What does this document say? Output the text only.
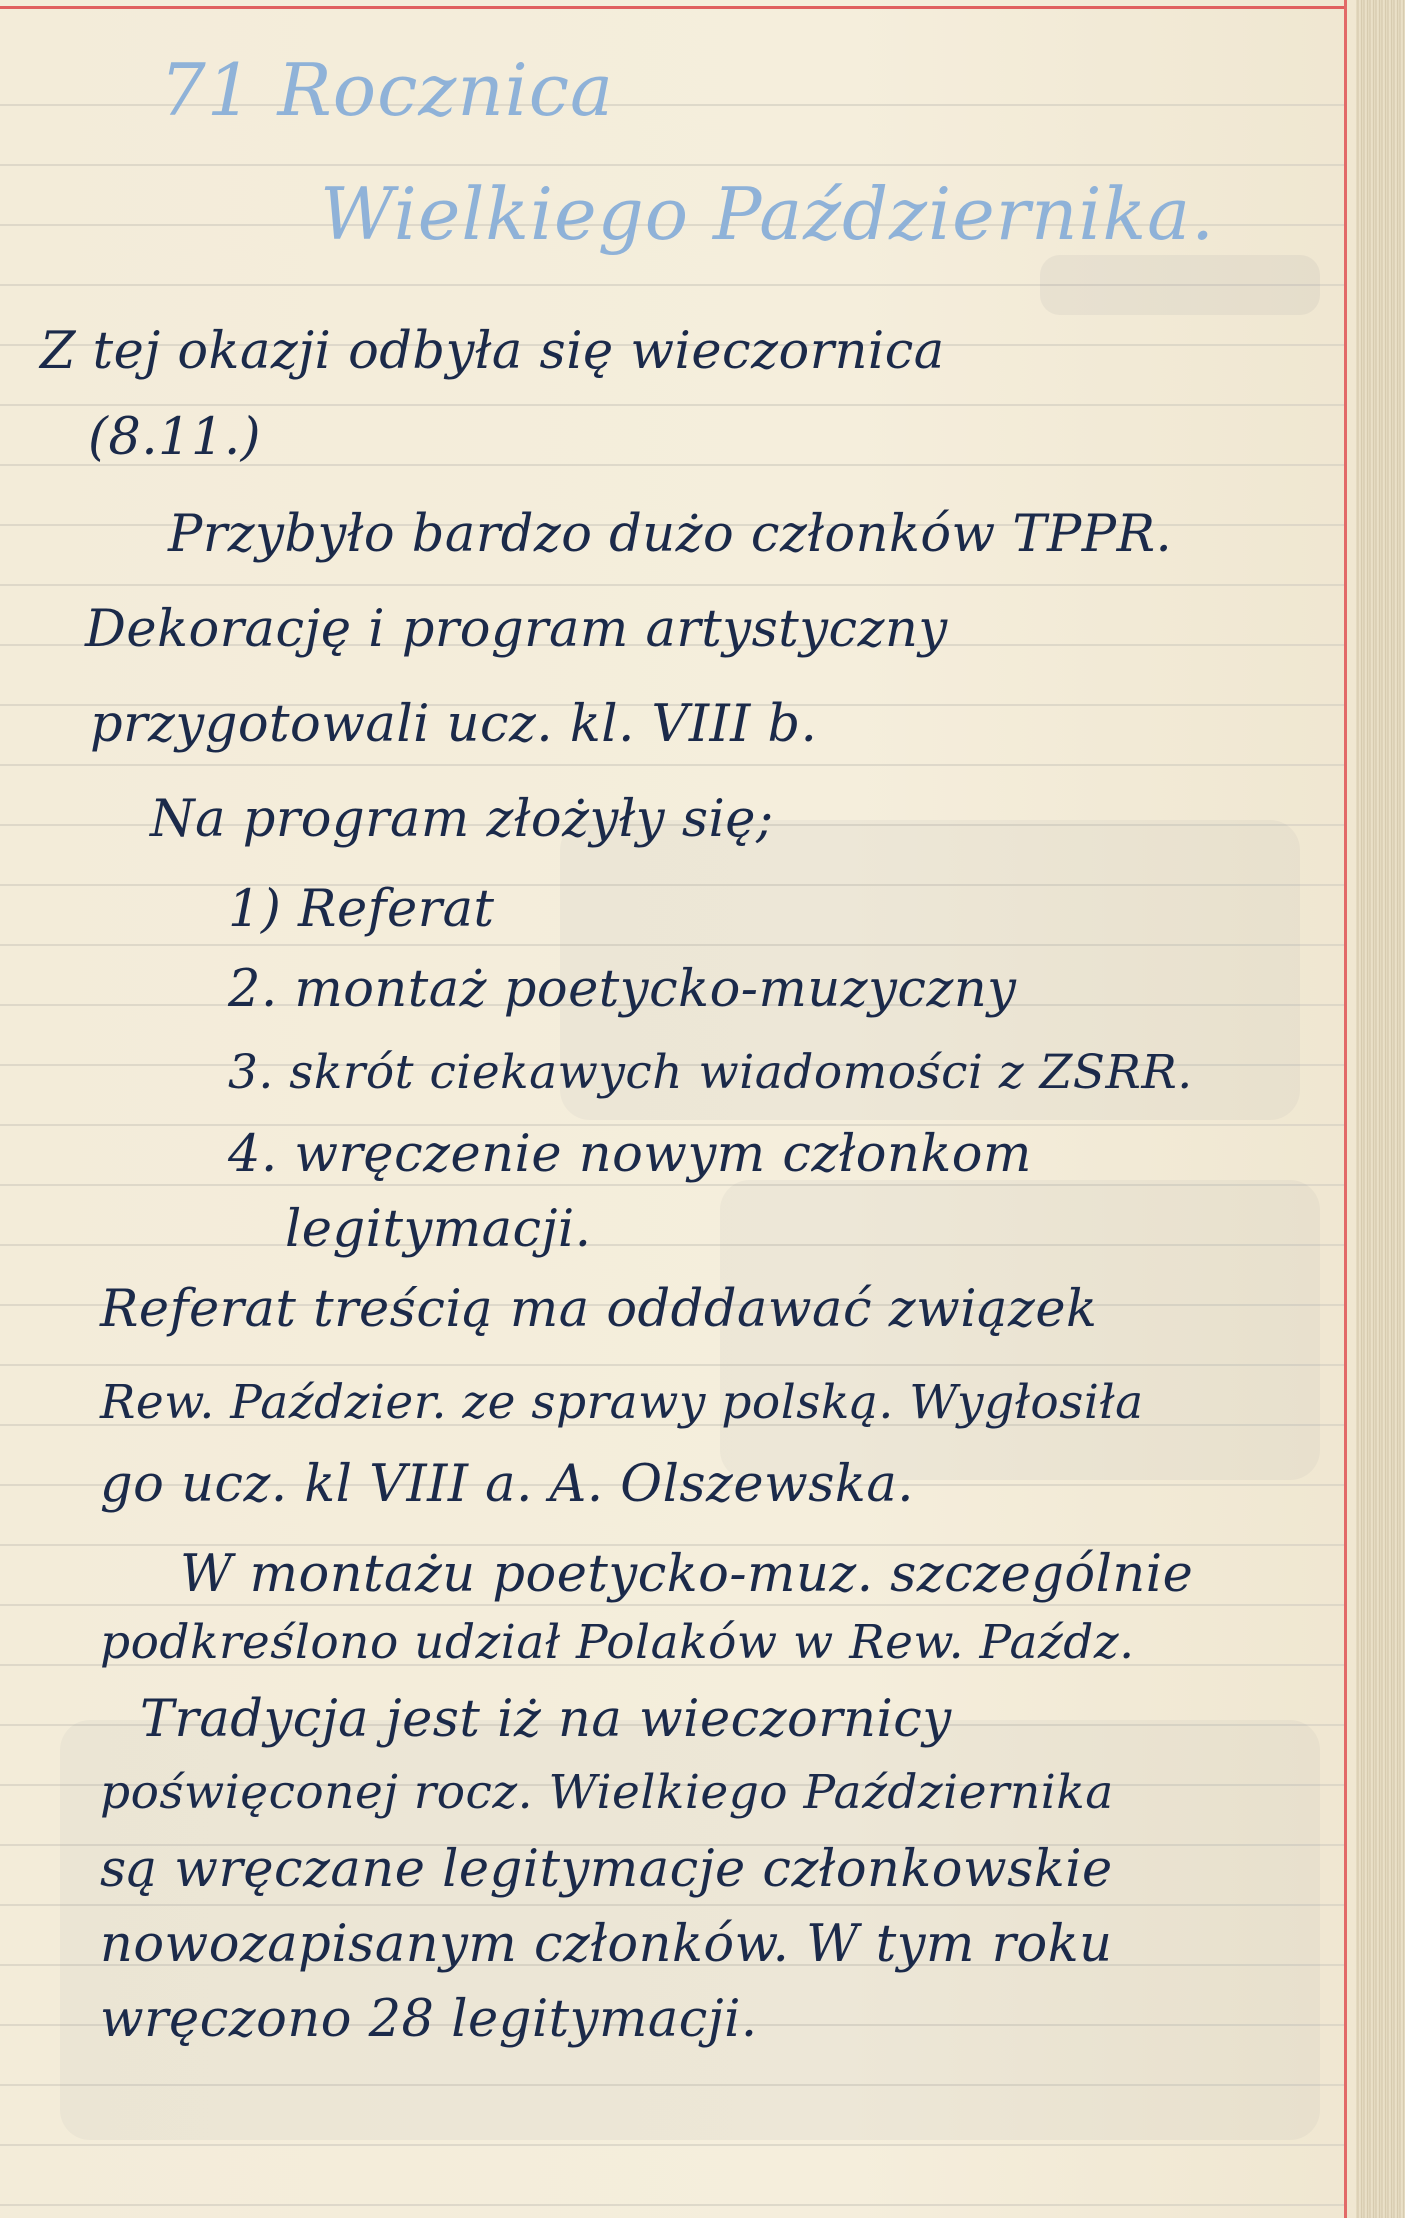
71 Rocznica
Wielkiego Października.
Z tej okazji odbyła się wieczornica
(8.11.)
Przybyło bardzo dużo członków TPPR.
Dekorację i program artystyczny
przygotowali ucz. kl. VIII b.
Na program złożyły się;
1) Referat
2. montaż poetycko-muzyczny
3. skrót ciekawych wiadomości z ZSRR.
4. wręczenie nowym członkom
legitymacji.
Referat treścią ma odddawać związek
Rew. Paździer. ze sprawy polską. Wygłosiła
go ucz. kl VIII a. A. Olszewska.
W montażu poetycko-muz. szczególnie
podkreślono udział Polaków w Rew. Paźdz.
Tradycja jest iż na wieczornicy
poświęconej rocz. Wielkiego Października
są wręczane legitymacje członkowskie
nowozapisanym członków. W tym roku
wręczono 28 legitymacji.
